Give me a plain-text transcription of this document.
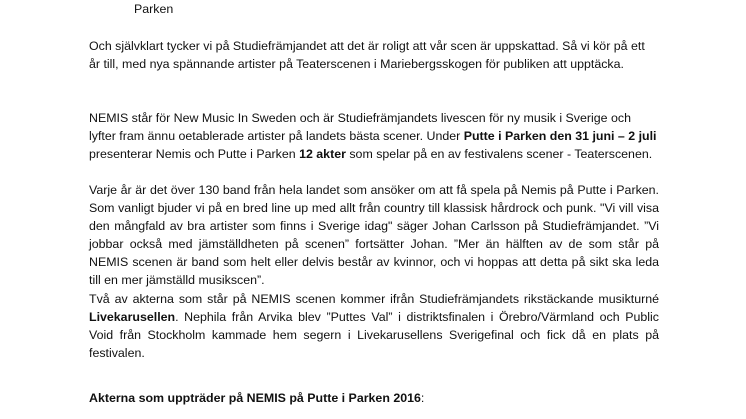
Parken

Och självklart tycker vi på Studiefrämjandet att det är roligt att vår scen är uppskattad. Så vi kör på ett år till, med nya spännande artister på Teaterscenen i Mariebergsskogen för publiken att upptäcka.

NEMIS står för New Music In Sweden och är Studiefrämjandets livescen för ny musik i Sverige och lyfter fram ännu oetablerade artister på landets bästa scener. Under Putte i Parken den 31 juni – 2 juli presenterar Nemis och Putte i Parken 12 akter som spelar på en av festivalens scener - Teaterscenen.

Varje år är det över 130 band från hela landet som ansöker om att få spela på Nemis på Putte i Parken. Som vanligt bjuder vi på en bred line up med allt från country till klassisk hårdrock och punk. "Vi vill visa den mångfald av bra artister som finns i Sverige idag" säger Johan Carlsson på Studiefrämjandet. ”Vi jobbar också med jämställdheten på scenen” fortsätter Johan. ”Mer än hälften av de som står på NEMIS scenen är band som helt eller delvis består av kvinnor, och vi hoppas att detta på sikt ska leda till en mer jämställd musikscen”.

Två av akterna som står på NEMIS scenen kommer ifrån Studiefrämjandets rikstäckande musikturné Livekarusellen. Nephila från Arvika blev ”Puttes Val” i distriktsfinalen i Örebro/Värmland och Public Void från Stockholm kammade hem segern i Livekarusellens Sverigefinal och fick då en plats på festivalen.

Akterna som uppträder på NEMIS på Putte i Parken 2016:
